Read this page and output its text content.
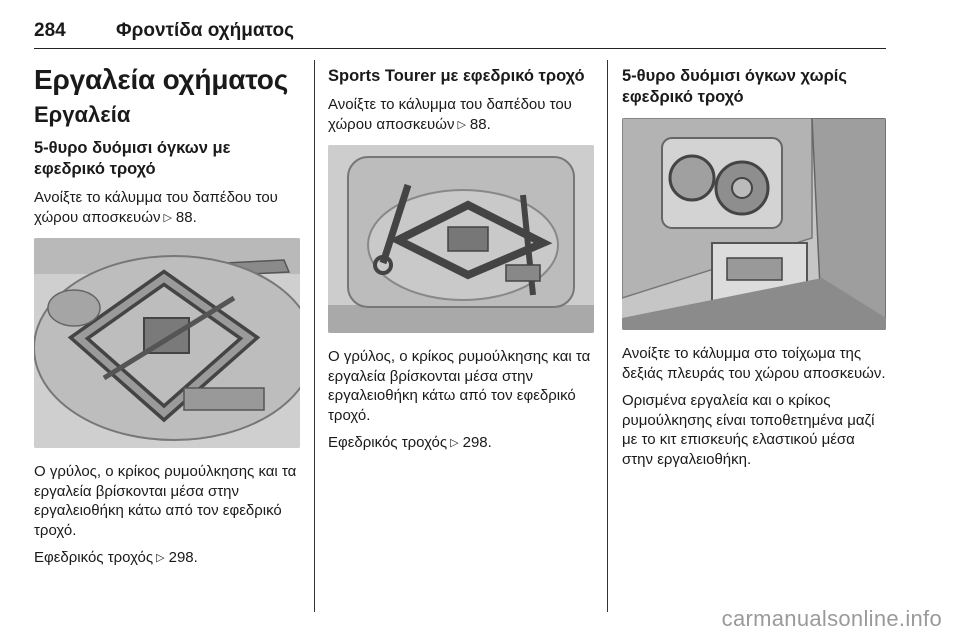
284	Φροντίδα οχήματος
Εργαλεία οχήματος
Εργαλεία
5-θυρο δυόμισι όγκων με εφεδρικό τροχό

Ανοίξτε το κάλυμμα του δαπέδου του χώρου αποσκευών ▷ 88.

Ο γρύλος, ο κρίκος ρυμούλκησης και τα εργαλεία βρίσκονται μέσα στην εργαλειοθήκη κάτω από τον εφεδρικό τροχό.

Εφεδρικός τροχός ▷ 298.

Sports Tourer με εφεδρικό τροχό

Ανοίξτε το κάλυμμα του δαπέδου του χώρου αποσκευών ▷ 88.

Ο γρύλος, ο κρίκος ρυμούλκησης και τα εργαλεία βρίσκονται μέσα στην εργαλειοθήκη κάτω από τον εφεδρικό τροχό.

Εφεδρικός τροχός ▷ 298.

5-θυρο δυόμισι όγκων χωρίς εφεδρικό τροχό

Ανοίξτε το κάλυμμα στο τοίχωμα της δεξιάς πλευράς του χώρου αποσκευών.

Ορισμένα εργαλεία και ο κρίκος ρυμούλκησης είναι τοποθετημένα μαζί με το κιτ επισκευής ελαστικού μέσα στην εργαλειοθήκη.

carmanualsonline.info
